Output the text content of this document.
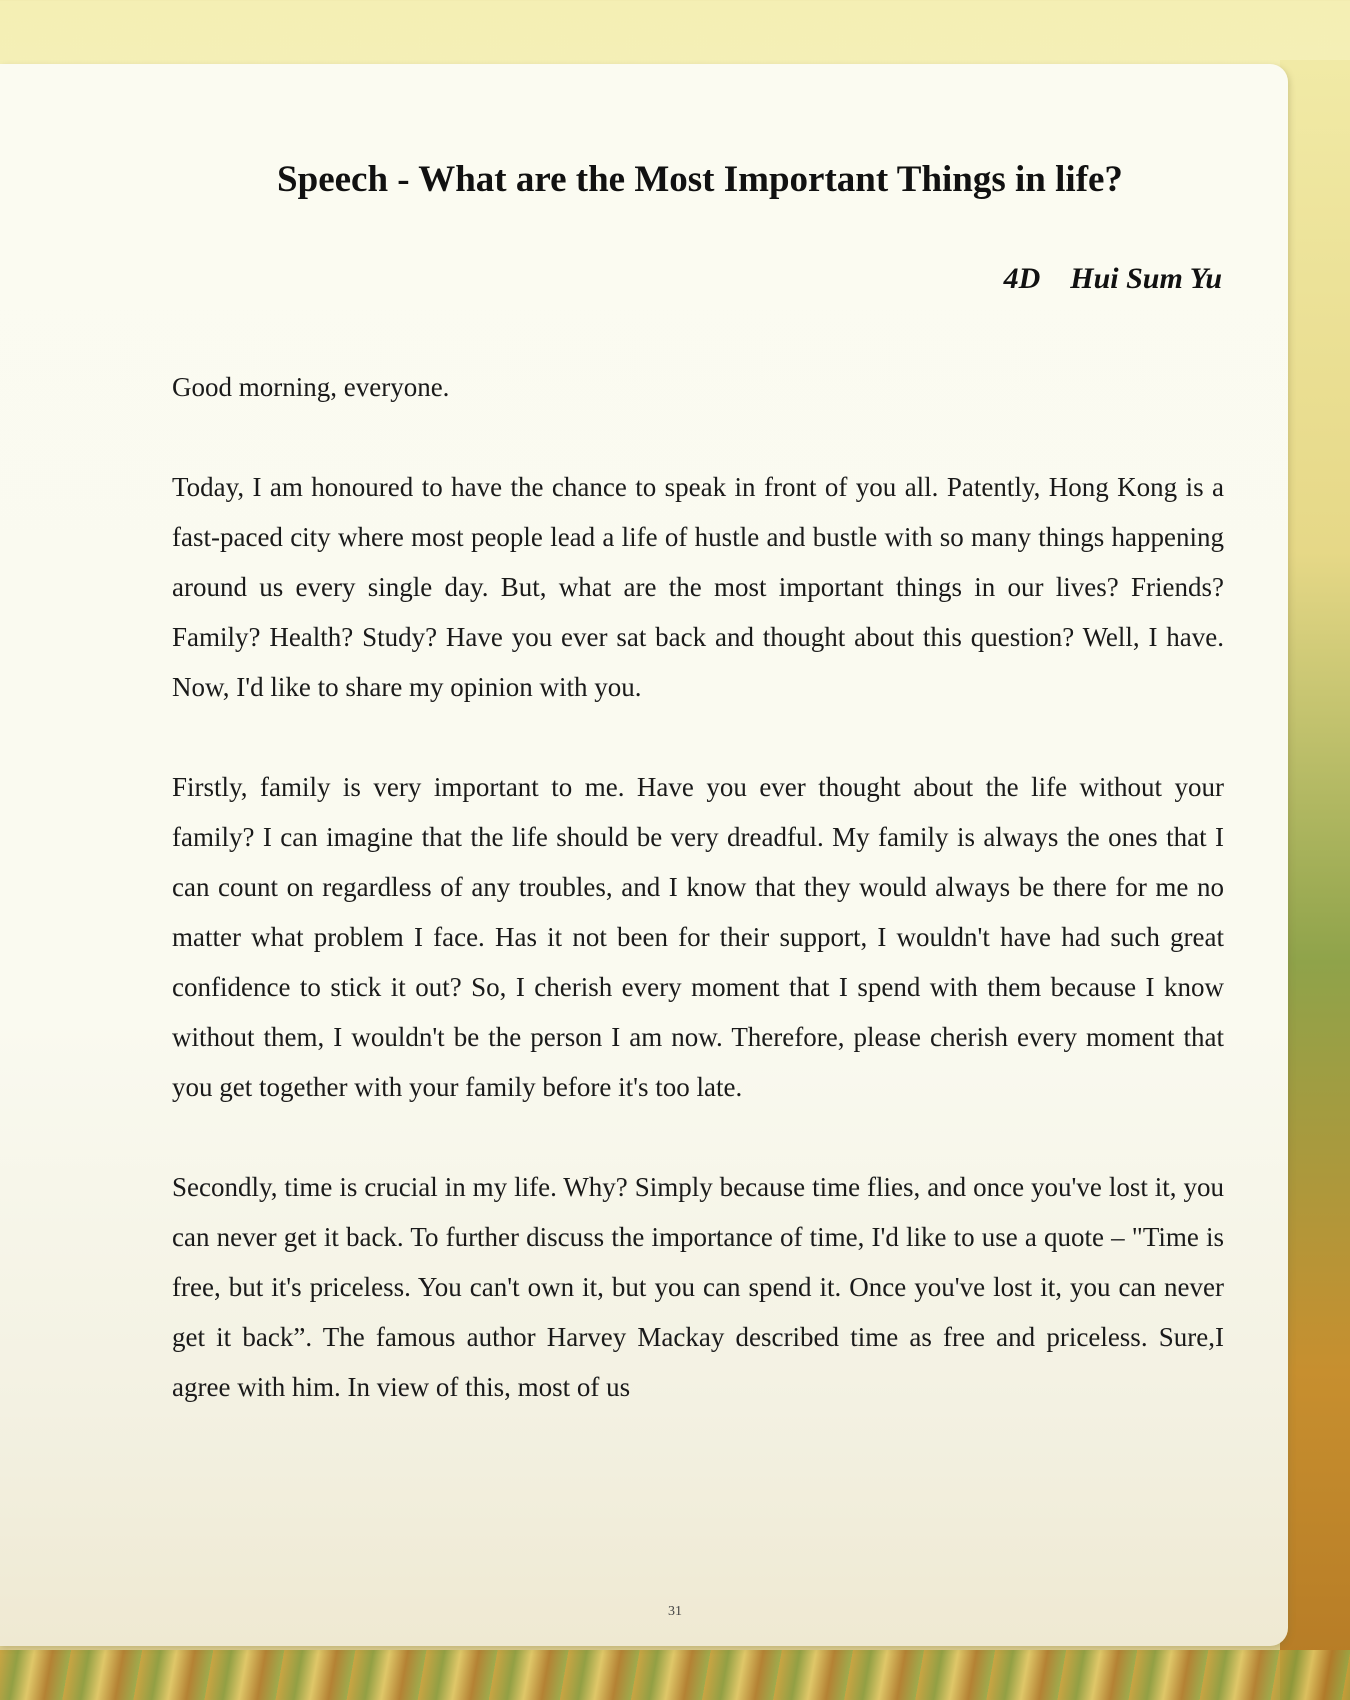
Speech - What are the Most Important Things in life?
4D    Hui Sum Yu

Good morning, everyone.

Today, I am honoured to have the chance to speak in front of you all. Patently, Hong Kong is a fast-paced city where most people lead a life of hustle and bustle with so many things happening around us every single day. But, what are the most important things in our lives? Friends? Family? Health? Study? Have you ever sat back and thought about this question? Well, I have. Now, I'd like to share my opinion with you.

Firstly, family is very important to me. Have you ever thought about the life without your family? I can imagine that the life should be very dreadful. My family is always the ones that I can count on regardless of any troubles, and I know that they would always be there for me no matter what problem I face. Has it not been for their support, I wouldn't have had such great confidence to stick it out? So, I cherish every moment that I spend with them because I know without them, I wouldn't be the person I am now. Therefore, please cherish every moment that you get together with your family before it's too late.

Secondly, time is crucial in my life. Why? Simply because time flies, and once you've lost it, you can never get it back. To further discuss the importance of time, I'd like to use a quote – "Time is free, but it's priceless. You can't own it, but you can spend it. Once you've lost it, you can never get it back”. The famous author Harvey Mackay described time as free and priceless. Sure,I agree with him. In view of this, most of us

31
